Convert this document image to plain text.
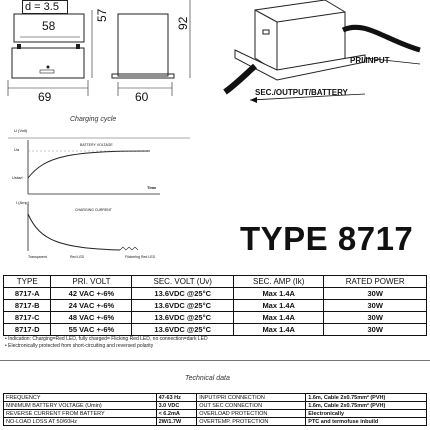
d = 3.5
58
57
92
69	60
PRI/INPUT
SEC./OUTPUT/BATTERY
Charging cycle
U (Volt)
Ua
Ustart
BATTERY VOLTAGE
Time
I (Amp)
CHARGING CURRENT
Transparent	Red LED	Flickering Red LED	TYPE 8717
TYPE	PRI. VOLT	SEC. VOLT (Uv)	SEC. AMP (Ik)	RATED POWER
8717-A	42 VAC +-6%	13.6VDC @25°C	Max 1.4A	30W
8717-B	24 VAC +-6%	13.6VDC @25°C	Max 1.4A	30W
8717-C	48 VAC +-6%	13.6VDC @25°C	Max 1.4A	30W
8717-D	55 VAC +-6%	13.6VDC @25°C	Max 1.4A	30W
• Indication: Charging=Red LED, fully charged= Flicking Red LED, no connection=dark LED
• Electronically protected from short-circuiting and reversed polarity
Technical data
FREQUENCY	47-63 Hz	INPUT/PRI CONNECTION	1.6m, Cable 2x0.75mm² (PVH)
MINIMUM BATTERY VOLTAGE (Umin)	3.0 VDC	OUT SEC CONNECTION	1.6m, Cable 2x0.75mm² (PVH)
REVERSE CURRENT FROM BATTERY	< 6.2mA	OVERLOAD PROTECTION	Electronically
NO-LOAD LOSS AT 50/60Hz	2W/1.7W	OVERTEMP. PROTECTION	PTC and termofuse inbuild
